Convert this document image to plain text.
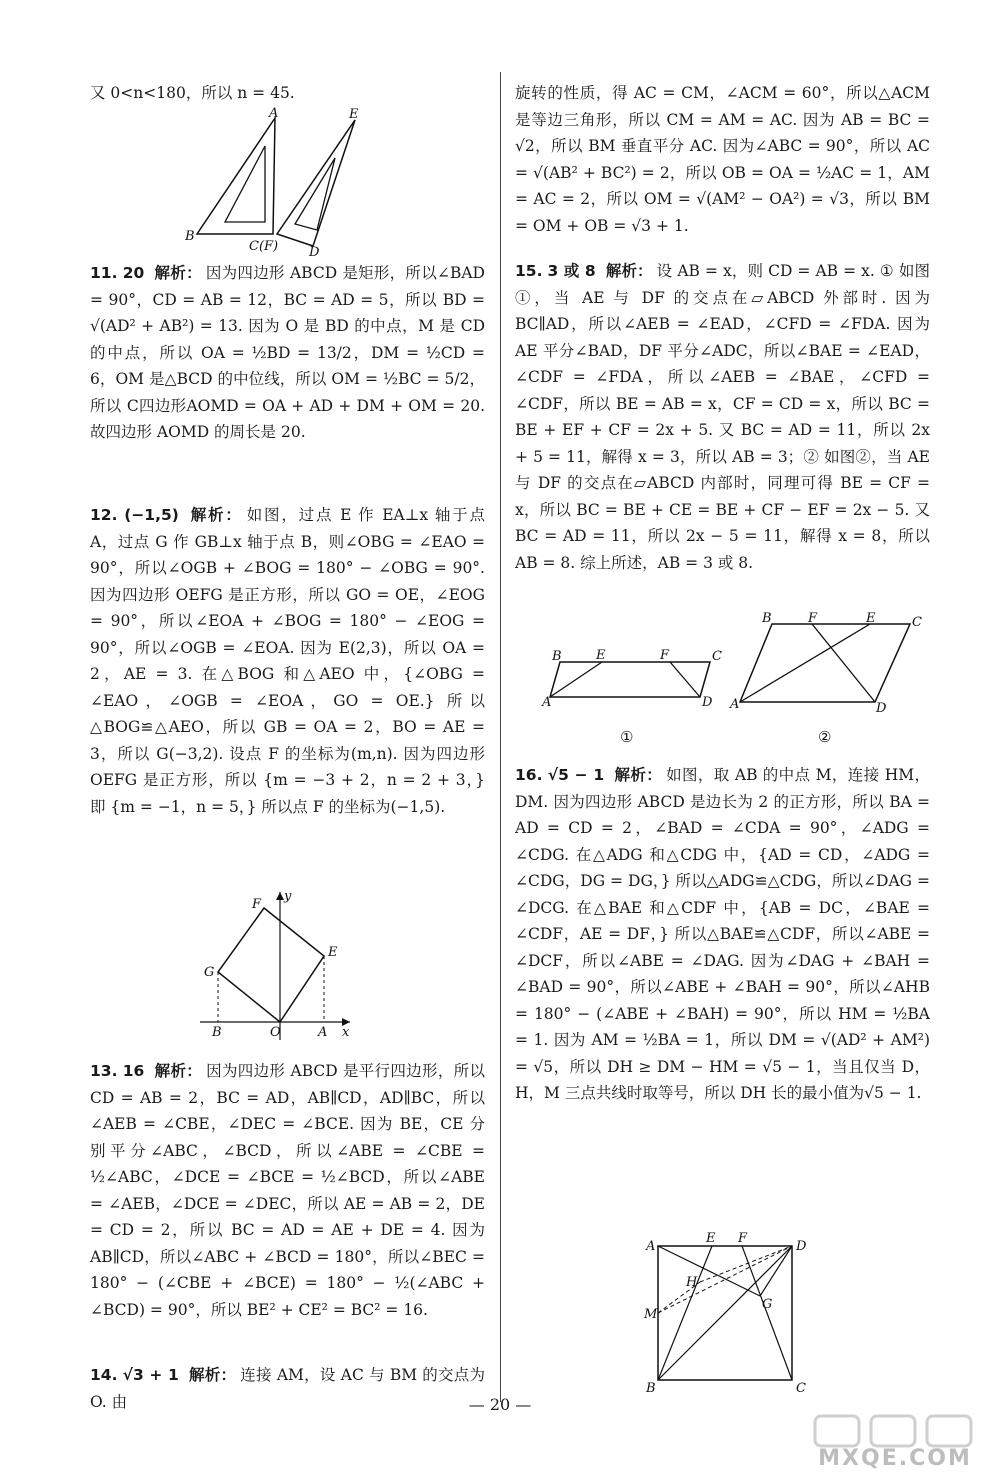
又 0<n<180，所以 n = 45.

A	E
B
C(F) D

11. 20 解析： 因为四边形 ABCD 是矩形，所以∠BAD = 90°，CD = AB = 12，BC = AD = 5，所以 BD = √(AD² + AB²) = 13. 因为 O 是 BD 的中点，M 是 CD 的中点，所以 OA = ½BD = 13/2，DM = ½CD = 6，OM 是△BCD 的中位线，所以 OM = ½BC = 5/2，所以 C四边形AOMD = OA + AD + DM + OM = 20. 故四边形 AOMD 的周长是 20.

12. (−1,5) 解析： 如图，过点 E 作 EA⊥x 轴于点 A，过点 G 作 GB⊥x 轴于点 B，则∠OBG = ∠EAO = 90°，所以∠OGB + ∠BOG = 180° − ∠OBG = 90°. 因为四边形 OEFG 是正方形，所以 GO = OE，∠EOG = 90°，所以∠EOA + ∠BOG = 180° − ∠EOG = 90°，所以∠OGB = ∠EOA. 因为 E(2,3)，所以 OA = 2，AE = 3. 在△BOG 和△AEO 中，{∠OBG = ∠EAO，∠OGB = ∠EOA，GO = OE.} 所以△BOG≌△AEO，所以 GB = OA = 2，BO = AE = 3，所以 G(−3,2). 设点 F 的坐标为(m,n). 因为四边形 OEFG 是正方形，所以 {m = −3 + 2，n = 2 + 3，} 即 {m = −1，n = 5，} 所以点 F 的坐标为(−1,5).

y
F
E
G
B	O	A x

13. 16 解析： 因为四边形 ABCD 是平行四边形，所以 CD = AB = 2，BC = AD，AB∥CD，AD∥BC，所以∠AEB = ∠CBE，∠DEC = ∠BCE. 因为 BE，CE 分别平分∠ABC，∠BCD，所以∠ABE = ∠CBE = ½∠ABC，∠DCE = ∠BCE = ½∠BCD，所以∠ABE = ∠AEB，∠DCE = ∠DEC，所以 AE = AB = 2，DE = CD = 2，所以 BC = AD = AE + DE = 4. 因为 AB∥CD，所以∠ABC + ∠BCD = 180°，所以∠BEC = 180° − (∠CBE + ∠BCE) = 180° − ½(∠ABC + ∠BCD) = 90°，所以 BE² + CE² = BC² = 16.

14. √3 + 1 解析： 连接 AM，设 AC 与 BM 的交点为 O. 由

旋转的性质，得 AC = CM，∠ACM = 60°，所以△ACM 是等边三角形，所以 CM = AM = AC. 因为 AB = BC = √2，所以 BM 垂直平分 AC. 因为∠ABC = 90°，所以 AC = √(AB² + BC²) = 2，所以 OB = OA = ½AC = 1，AM = AC = 2，所以 OM = √(AM² − OA²) = √3，所以 BM = OM + OB = √3 + 1.

15. 3 或 8 解析： 设 AB = x，则 CD = AB = x. ① 如图①，当 AE 与 DF 的交点在▱ABCD 外部时. 因为 BC∥AD，所以∠AEB = ∠EAD，∠CFD = ∠FDA. 因为 AE 平分∠BAD，DF 平分∠ADC，所以∠BAE = ∠EAD，∠CDF = ∠FDA，所以∠AEB = ∠BAE，∠CFD = ∠CDF，所以 BE = AB = x，CF = CD = x，所以 BC = BE + EF + CF = 2x + 5. 又 BC = AD = 11，所以 2x + 5 = 11，解得 x = 3，所以 AB = 3；② 如图②，当 AE 与 DF 的交点在▱ABCD 内部时，同理可得 BE = CF = x，所以 BC = BE + CE = BE + CF − EF = 2x − 5. 又 BC = AD = 11，所以 2x − 5 = 11，解得 x = 8，所以 AB = 8. 综上所述，AB = 3 或 8.

B	E	F	C
A	D
①
B	F	E	C
A	D
②

16. √5 − 1 解析： 如图，取 AB 的中点 M，连接 HM，DM. 因为四边形 ABCD 是边长为 2 的正方形，所以 BA = AD = CD = 2，∠BAD = ∠CDA = 90°，∠ADG = ∠CDG. 在△ADG 和△CDG 中，{AD = CD，∠ADG = ∠CDG，DG = DG，} 所以△ADG≌△CDG，所以∠DAG = ∠DCG. 在△BAE 和△CDF 中，{AB = DC，∠BAE = ∠CDF，AE = DF，} 所以△BAE≌△CDF，所以∠ABE = ∠DCF，所以∠ABE = ∠DAG. 因为∠DAG + ∠BAH = ∠BAD = 90°，所以∠ABE + ∠BAH = 90°，所以∠AHB = 180° − (∠ABE + ∠BAH) = 90°，所以 HM = ½BA = 1. 因为 AM = ½BA = 1，所以 DM = √(AD² + AM²) = √5，所以 DH ≥ DM − HM = √5 − 1，当且仅当 D，H，M 三点共线时取等号，所以 DH 长的最小值为√5 − 1.

A
E F
D
H
G
M
B	C
— 20 —
MXQE.COM
